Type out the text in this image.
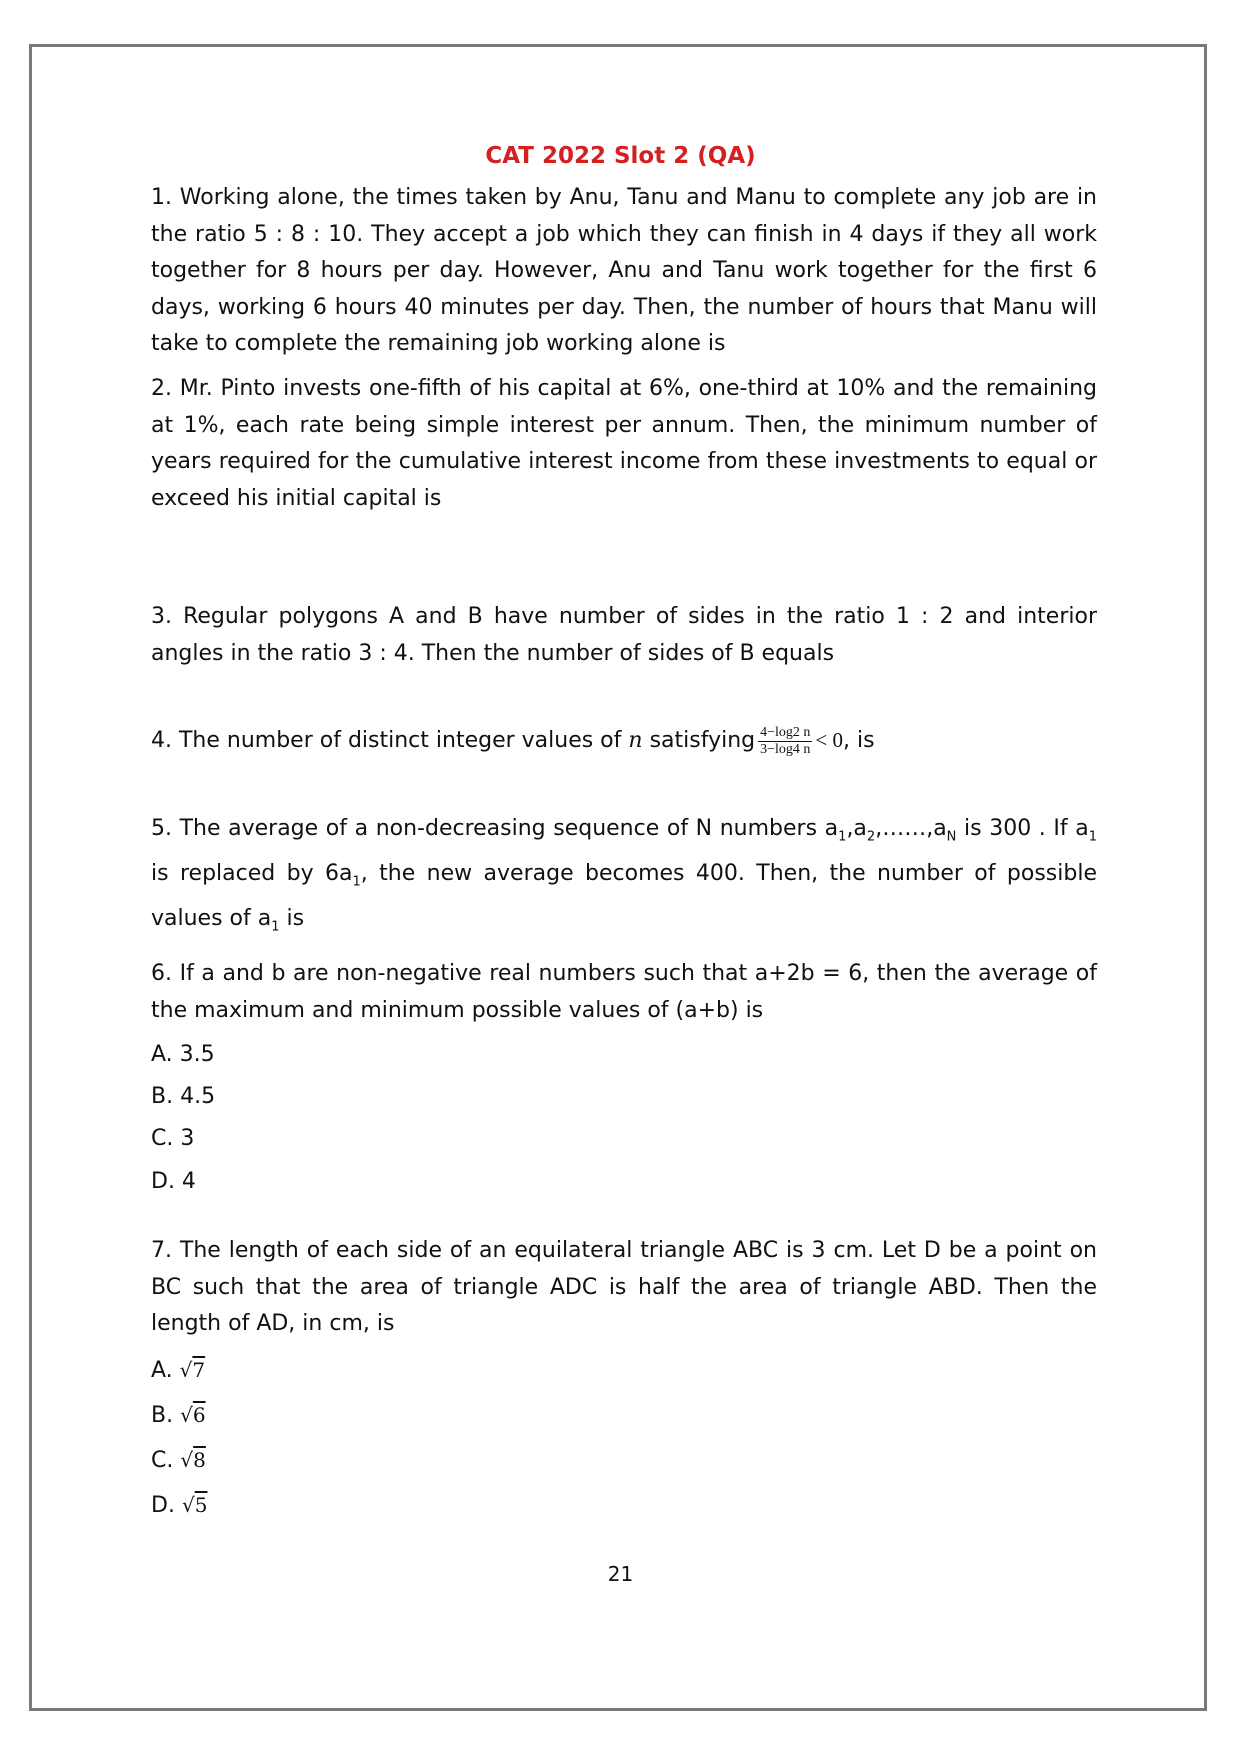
CAT 2022 Slot 2 (QA)

1. Working alone, the times taken by Anu, Tanu and Manu to complete any job are in the ratio 5 : 8 : 10. They accept a job which they can finish in 4 days if they all work together for 8 hours per day. However, Anu and Tanu work together for the first 6 days, working 6 hours 40 minutes per day. Then, the number of hours that Manu will take to complete the remaining job working alone is

2. Mr. Pinto invests one-fifth of his capital at 6%, one-third at 10% and the remaining at 1%, each rate being simple interest per annum. Then, the minimum number of years required for the cumulative interest income from these investments to equal or exceed his initial capital is

3. Regular polygons A and B have number of sides in the ratio 1 : 2 and interior angles in the ratio 3 : 4. Then the number of sides of B equals

4. The number of distinct integer values of n satisfying $\frac{4-\log 2 n}{3-\log 4 n} < 0$, is

5. The average of a non-decreasing sequence of N numbers $a_1,a_2,\dots\dots,a_N$ is 300 . If $a_1$ is replaced by $6a_1$, the new average becomes 400. Then, the number of possible values of $a_1$ is

6. If a and b are non-negative real numbers such that a+2b = 6, then the average of the maximum and minimum possible values of (a+b) is

A. 3.5
B. 4.5
C. 3
D. 4

7. The length of each side of an equilateral triangle ABC is 3 cm. Let D be a point on BC such that the area of triangle ADC is half the area of triangle ABD. Then the length of AD, in cm, is

A. √7
B. √6
C. √8
D. √5
21
